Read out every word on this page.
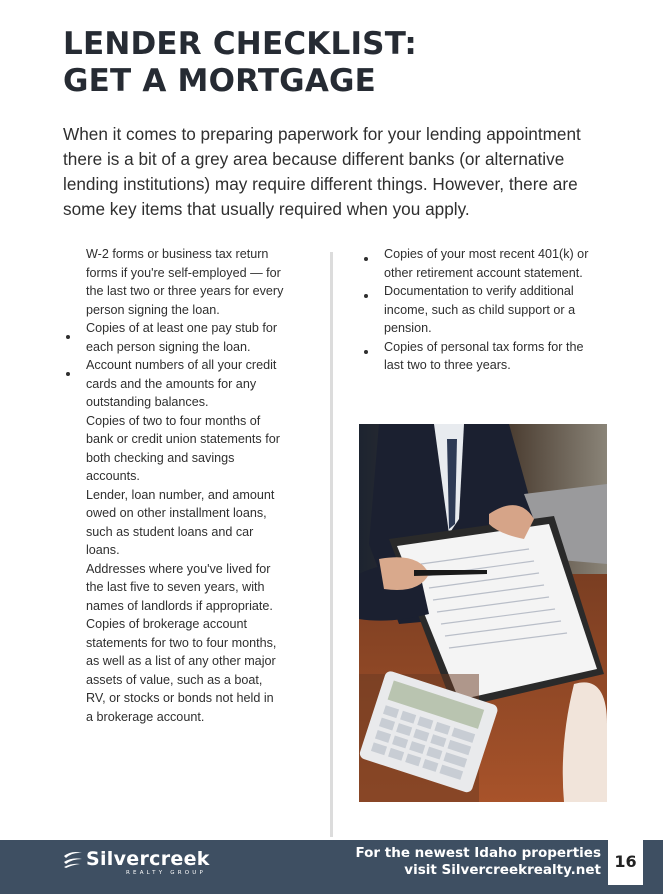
LENDER CHECKLIST:
GET A MORTGAGE

When it comes to preparing paperwork for your lending appointment there is a bit of a grey area because different banks (or alternative lending institutions) may require different things. However, there are some key items that usually required when you apply.

W-2 forms or business tax return forms if you're self-employed — for the last two or three years for every person signing the loan.
Copies of at least one pay stub for each person signing the loan.
Account numbers of all your credit cards and the amounts for any outstanding balances.
Copies of two to four months of bank or credit union statements for both checking and savings accounts.
Lender, loan number, and amount owed on other installment loans, such as student loans and car loans.
Addresses where you've lived for the last five to seven years, with names of landlords if appropriate.
Copies of brokerage account statements for two to four months, as well as a list of any other major assets of value, such as a boat, RV, or stocks or bonds not held in a brokerage account.
Copies of your most recent 401(k) or other retirement account statement.
Documentation to verify additional income, such as child support or a pension.
Copies of personal tax forms for the last two to three years.
Silvercreek
REALTY GROUP
For the newest Idaho properties
visit Silvercreekrealty.net 16
